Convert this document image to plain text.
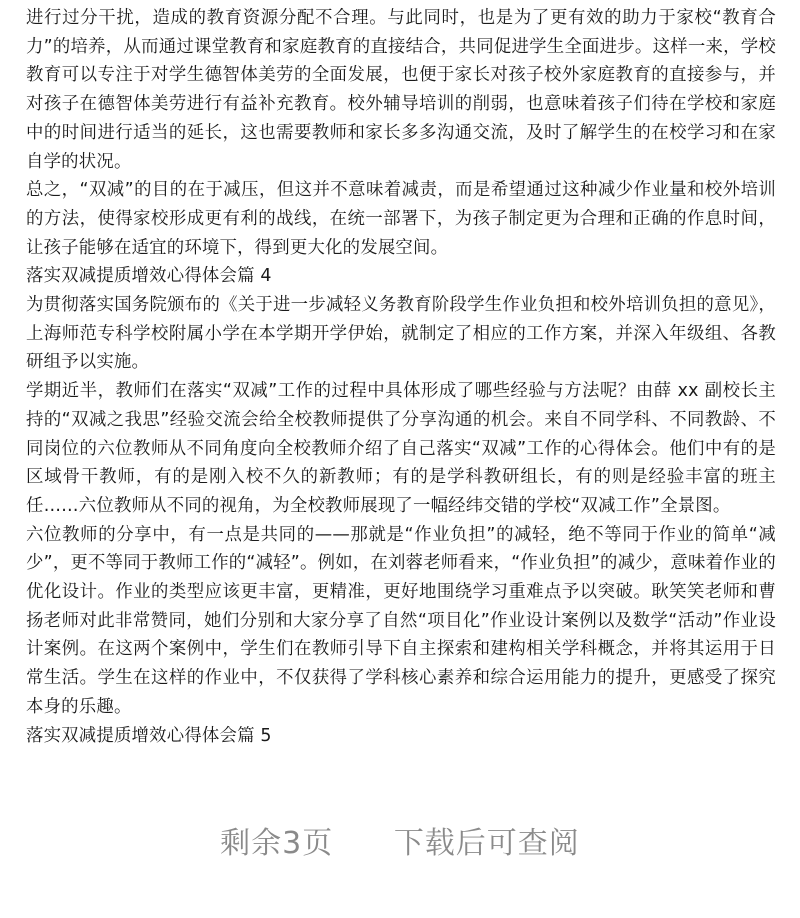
进行过分干扰，造成的教育资源分配不合理。与此同时，也是为了更有效的助力于家校“教育合力”的培养，从而通过课堂教育和家庭教育的直接结合，共同促进学生全面进步。这样一来，学校教育可以专注于对学生德智体美劳的全面发展，也便于家长对孩子校外家庭教育的直接参与，并对孩子在德智体美劳进行有益补充教育。校外辅导培训的削弱，也意味着孩子们待在学校和家庭中的时间进行适当的延长，这也需要教师和家长多多沟通交流，及时了解学生的在校学习和在家自学的状况。

总之，“双减”的目的在于减压，但这并不意味着减责，而是希望通过这种减少作业量和校外培训的方法，使得家校形成更有利的战线，在统一部署下，为孩子制定更为合理和正确的作息时间，让孩子能够在适宜的环境下，得到更大化的发展空间。

落实双减提质增效心得体会篇 4

为贯彻落实国务院颁布的《关于进一步减轻义务教育阶段学生作业负担和校外培训负担的意见》，上海师范专科学校附属小学在本学期开学伊始，就制定了相应的工作方案，并深入年级组、各教研组予以实施。

学期近半，教师们在落实“双减”工作的过程中具体形成了哪些经验与方法呢？由薛 xx 副校长主持的“双减之我思”经验交流会给全校教师提供了分享沟通的机会。来自不同学科、不同教龄、不同岗位的六位教师从不同角度向全校教师介绍了自己落实“双减”工作的心得体会。他们中有的是区域骨干教师，有的是刚入校不久的新教师；有的是学科教研组长，有的则是经验丰富的班主任……六位教师从不同的视角，为全校教师展现了一幅经纬交错的学校“双减工作”全景图。

六位教师的分享中，有一点是共同的——那就是“作业负担”的减轻，绝不等同于作业的简单“减少”，更不等同于教师工作的“减轻”。例如，在刘蓉老师看来，“作业负担”的减少，意味着作业的优化设计。作业的类型应该更丰富，更精准，更好地围绕学习重难点予以突破。耿笑笑老师和曹扬老师对此非常赞同，她们分别和大家分享了自然“项目化”作业设计案例以及数学“活动”作业设计案例。在这两个案例中，学生们在教师引导下自主探索和建构相关学科概念，并将其运用于日常生活。学生在这样的作业中，不仅获得了学科核心素养和综合运用能力的提升，更感受了探究本身的乐趣。

落实双减提质增效心得体会篇 5

剩余3页 下载后可查阅
